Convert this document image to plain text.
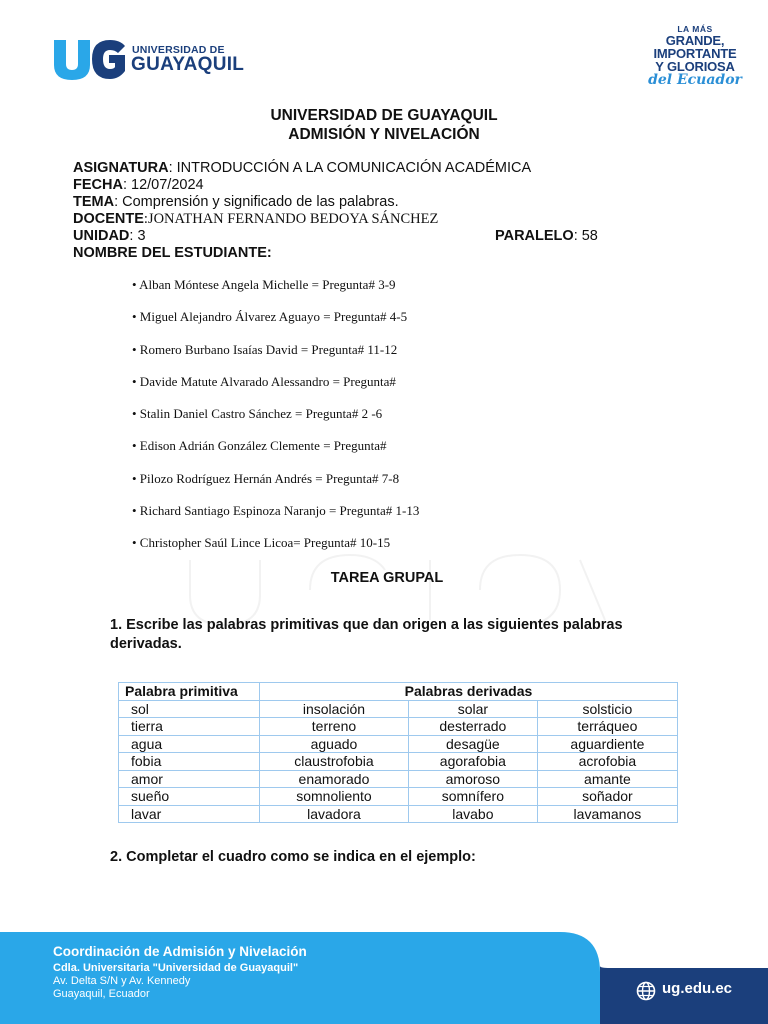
UNIVERSIDAD DE
GUAYAQUIL
LA MÁS
GRANDE,
IMPORTANTE
Y GLORIOSA
del Ecuador
UNIVERSIDAD DE GUAYAQUIL
ADMISIÓN Y NIVELACIÓN
ASIGNATURA: INTRODUCCIÓN A LA COMUNICACIÓN ACADÉMICA
FECHA: 12/07/2024
TEMA: Comprensión y significado de las palabras.
DOCENTE:JONATHAN FERNANDO BEDOYA SÁNCHEZ
UNIDAD: 3	PARALELO: 58
NOMBRE DEL ESTUDIANTE:
• Alban Móntese Angela Michelle = Pregunta# 3-9
• Miguel Alejandro Álvarez Aguayo = Pregunta# 4-5
• Romero Burbano Isaías David = Pregunta# 11-12
• Davide Matute Alvarado Alessandro = Pregunta#
• Stalin Daniel Castro Sánchez = Pregunta# 2 -6
• Edison Adrián González Clemente = Pregunta#
• Pilozo Rodríguez Hernán Andrés = Pregunta# 7-8
• Richard Santiago Espinoza Naranjo = Pregunta# 1-13
• Christopher Saúl Lince Licoa= Pregunta# 10-15
TAREA GRUPAL
1. Escribe las palabras primitivas que dan origen a las siguientes palabras derivadas.
Palabra primitiva	Palabras derivadas		
sol	insolación	solar	solsticio
tierra	terreno	desterrado	terráqueo
agua	aguado	desagüe	aguardiente
fobia	claustrofobia	agorafobia	acrofobia
amor	enamorado	amoroso	amante
sueño	somnoliento	somnífero	soñador
lavar	lavadora	lavabo	lavamanos
2. Completar el cuadro como se indica en el ejemplo:
Coordinación de Admisión y Nivelación
Cdla. Universitaria "Universidad de Guayaquil"
Av. Delta S/N y Av. Kennedy
Guayaquil, Ecuador	ug.edu.ec
